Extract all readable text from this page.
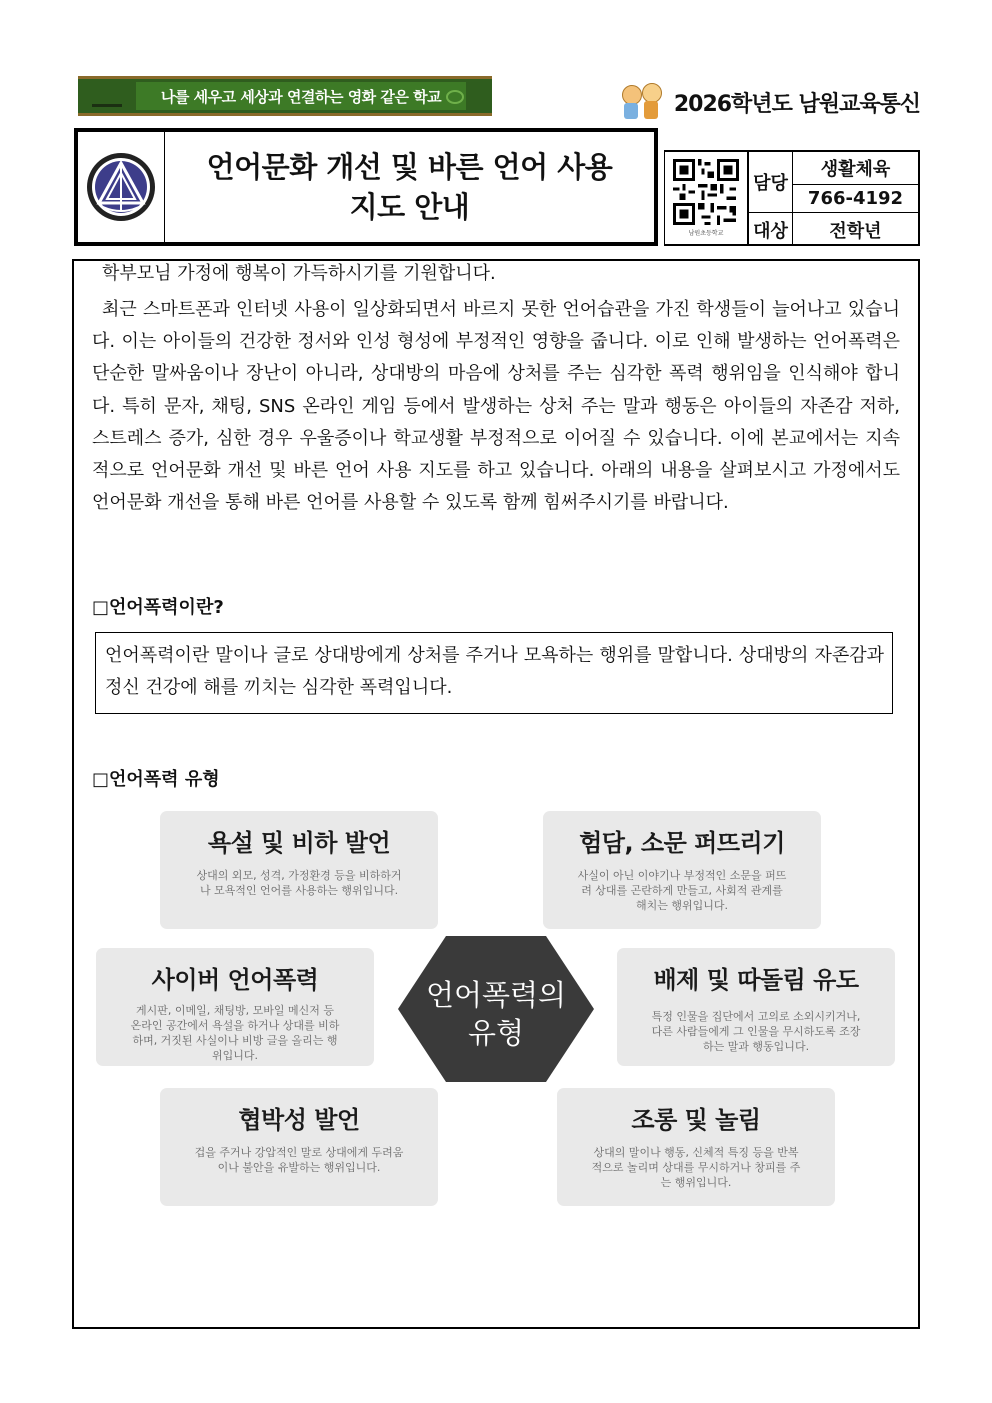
나를 세우고 세상과 연결하는 영화 같은 학교	2026학년도 남원교육통신
언어문화 개선 및 바른 언어 사용
지도 안내
남원초등학교
담당
생활체육
766-4192
대상	전학년
학부모님 가정에 행복이 가득하시기를 기원합니다.
최근 스마트폰과 인터넷 사용이 일상화되면서 바르지 못한 언어습관을 가진 학생들이 늘어나고 있습니다. 이는 아이들의 건강한 정서와 인성 형성에 부정적인 영향을 줍니다. 이로 인해 발생하는 언어폭력은 단순한 말싸움이나 장난이 아니라, 상대방의 마음에 상처를 주는 심각한 폭력 행위임을 인식해야 합니다. 특히 문자, 채팅, SNS 온라인 게임 등에서 발생하는 상처 주는 말과 행동은 아이들의 자존감 저하, 스트레스 증가, 심한 경우 우울증이나 학교생활 부정적으로 이어질 수 있습니다. 이에 본교에서는 지속적으로 언어문화 개선 및 바른 언어 사용 지도를 하고 있습니다. 아래의 내용을 살펴보시고 가정에서도 언어문화 개선을 통해 바른 언어를 사용할 수 있도록 함께 힘써주시기를 바랍니다.
□언어폭력이란?
언어폭력이란 말이나 글로 상대방에게 상처를 주거나 모욕하는 행위를 말합니다. 상대방의 자존감과 정신 건강에 해를 끼치는 심각한 폭력입니다.
□언어폭력 유형
욕설 및 비하 발언
상대의 외모, 성격, 가정환경 등을 비하하거나 모욕적인 언어를 사용하는 행위입니다.
험담, 소문 퍼뜨리기
사실이 아닌 이야기나 부정적인 소문을 퍼뜨려 상대를 곤란하게 만들고, 사회적 관계를 해치는 행위입니다.
사이버 언어폭력
게시판, 이메일, 채팅방, 모바일 메신저 등 온라인 공간에서 욕설을 하거나 상대를 비하하며, 거짓된 사실이나 비방 글을 올리는 행위입니다.
배제 및 따돌림 유도
특정 인물을 집단에서 고의로 소외시키거나, 다른 사람들에게 그 인물을 무시하도록 조장하는 말과 행동입니다.
협박성 발언
겁을 주거나 강압적인 말로 상대에게 두려움이나 불안을 유발하는 행위입니다.
조롱 및 놀림
상대의 말이나 행동, 신체적 특징 등을 반복적으로 놀리며 상대를 무시하거나 창피를 주는 행위입니다.
언어폭력의
유형
